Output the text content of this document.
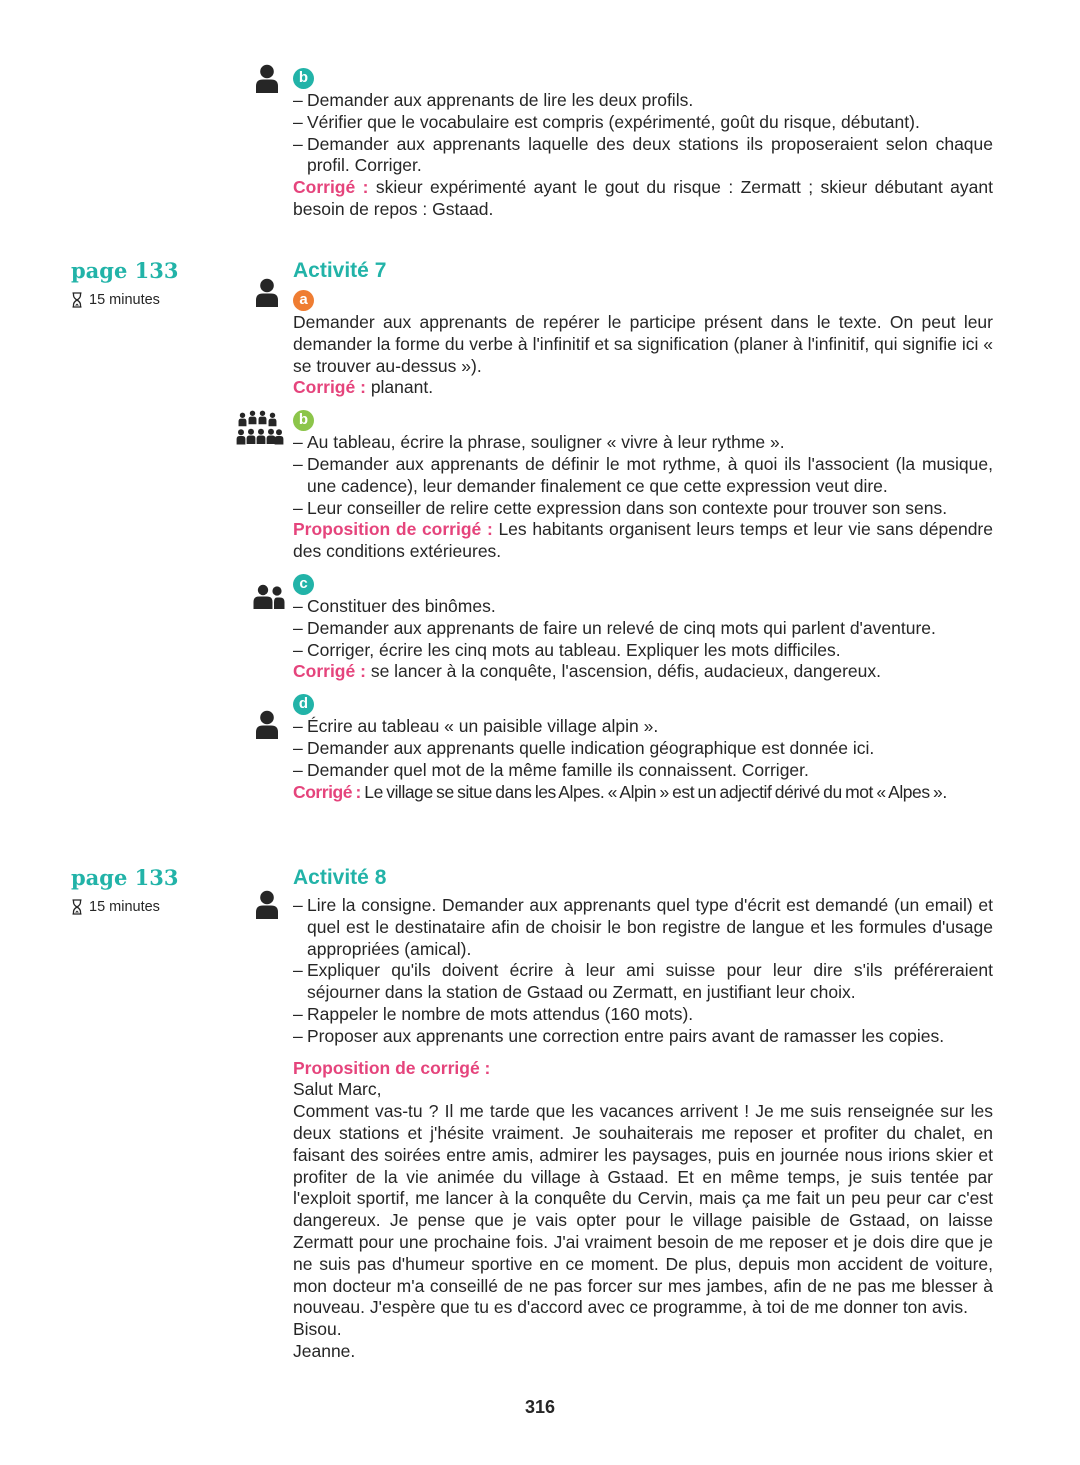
page 133
15 minutes
page 133
15 minutes
b
– Demander aux apprenants de lire les deux profils.
– Vérifier que le vocabulaire est compris (expérimenté, goût du risque, débutant).
– Demander aux apprenants laquelle des deux stations ils proposeraient selon chaque profil. Corriger.

Corrigé : skieur expérimenté ayant le gout du risque : Zermatt ; skieur débutant ayant besoin de repos : Gstaad.

Activité 7
a

Demander aux apprenants de repérer le participe présent dans le texte. On peut leur demander la forme du verbe à l'infinitif et sa signification (planer à l'infinitif, qui signifie ici « se trouver au-dessus »).

Corrigé : planant.

b
– Au tableau, écrire la phrase, souligner « vivre à leur rythme ».
– Demander aux apprenants de définir le mot rythme, à quoi ils l'associent (la musique, une cadence), leur demander finalement ce que cette expression veut dire.
– Leur conseiller de relire cette expression dans son contexte pour trouver son sens.

Proposition de corrigé : Les habitants organisent leurs temps et leur vie sans dépendre des conditions extérieures.

c
– Constituer des binômes.
– Demander aux apprenants de faire un relevé de cinq mots qui parlent d'aventure.
– Corriger, écrire les cinq mots au tableau. Expliquer les mots difficiles.

Corrigé : se lancer à la conquête, l'ascension, défis, audacieux, dangereux.

d
– Écrire au tableau « un paisible village alpin ».
– Demander aux apprenants quelle indication géographique est donnée ici.
– Demander quel mot de la même famille ils connaissent. Corriger.

Corrigé : Le village se situe dans les Alpes. « Alpin » est un adjectif dérivé du mot « Alpes ».

Activité 8
– Lire la consigne. Demander aux apprenants quel type d'écrit est demandé (un email) et quel est le destinataire afin de choisir le bon registre de langue et les formules d'usage appropriées (amical).
– Expliquer qu'ils doivent écrire à leur ami suisse pour leur dire s'ils préféreraient séjourner dans la station de Gstaad ou Zermatt, en justifiant leur choix.
– Rappeler le nombre de mots attendus (160 mots).
– Proposer aux apprenants une correction entre pairs avant de ramasser les copies.
Proposition de corrigé :

Salut Marc,

Comment vas-tu ? Il me tarde que les vacances arrivent ! Je me suis renseignée sur les deux stations et j'hésite vraiment. Je souhaiterais me reposer et profiter du chalet, en faisant des soirées entre amis, admirer les paysages, puis en journée nous irions skier et profiter de la vie animée du village à Gstaad. Et en même temps, je suis tentée par l'exploit sportif, me lancer à la conquête du Cervin, mais ça me fait un peu peur car c'est dangereux. Je pense que je vais opter pour le village paisible de Gstaad, on laisse Zermatt pour une prochaine fois. J'ai vraiment besoin de me reposer et je dois dire que je ne suis pas d'humeur sportive en ce moment. De plus, depuis mon accident de voiture, mon docteur m'a conseillé de ne pas forcer sur mes jambes, afin de ne pas me blesser à nouveau. J'espère que tu es d'accord avec ce programme, à toi de me donner ton avis.

Bisou.

Jeanne.

316
